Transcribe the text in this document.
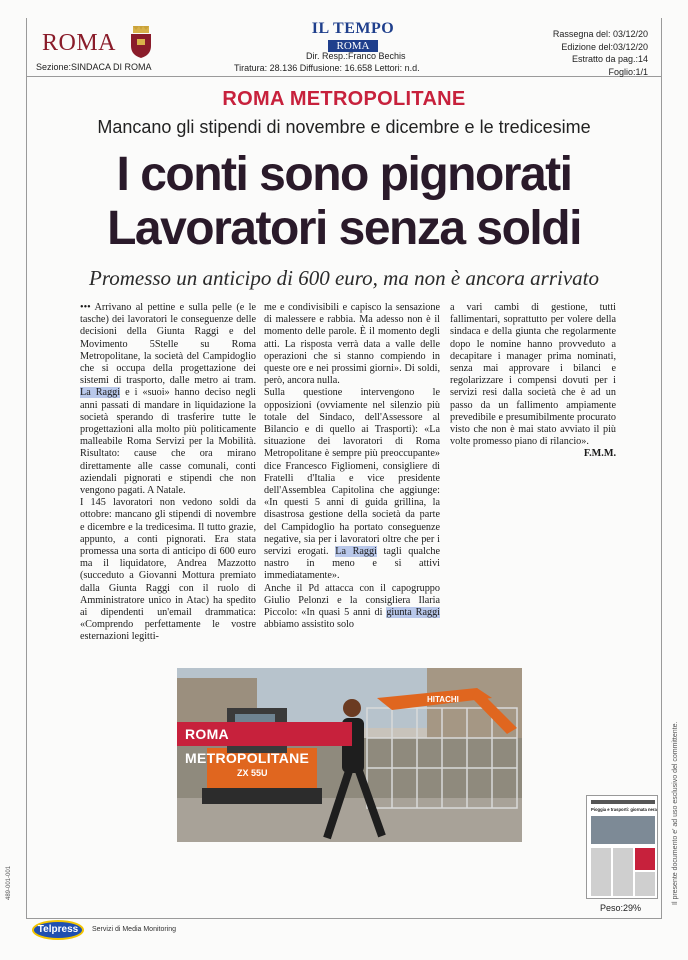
ROMA
Sezione:SINDACA DI ROMA
IL TEMPO
ROMA
Dir. Resp.:Franco Bechis
Tiratura: 28.136 Diffusione: 16.658 Lettori: n.d.
Rassegna del: 03/12/20
Edizione del:03/12/20
Estratto da pag.:14
Foglio:1/1
ROMA METROPOLITANE
Mancano gli stipendi di novembre e dicembre e le tredicesime
I conti sono pignorati
Lavoratori senza soldi
Promesso un anticipo di 600 euro, ma non è ancora arrivato

••• Arrivano al pettine e sulla pelle (e le tasche) dei lavoratori le conseguenze delle decisioni della Giunta Raggi e del Movimento 5Stelle su Roma Metropolitane, la società del Campidoglio che si occupa della progettazione dei sistemi di trasporto, dalle metro ai tram. La Raggi e i «suoi» hanno deciso negli anni passati di mandare in liquidazione la società sperando di trasferire tutte le progettazioni alla molto più politicamente malleabile Roma Servizi per la Mobilità. Risultato: cause che ora mirano direttamente alle casse comunali, conti aziendali pignorati e stipendi che non vengono pagati. A Natale.

I 145 lavoratori non vedono soldi da ottobre: mancano gli stipendi di novembre e dicembre e la tredicesima. Il tutto grazie, appunto, a conti pignorati. Era stata promessa una sorta di anticipo di 600 euro ma il liquidatore, Andrea Mazzotto (succeduto a Giovanni Mottura premiato dalla Giunta Raggi con il ruolo di Amministratore unico in Atac) ha spedito ai dipendenti un'email drammatica: «Comprendo perfettamente le vostre esternazioni legitti-

me e condivisibili e capisco la sensazione di malessere e rabbia. Ma adesso non è il momento delle parole. È il momento degli atti. La risposta verrà data a valle delle operazioni che si stanno compiendo in queste ore e nei prossimi giorni». Di soldi, però, ancora nulla.

Sulla questione intervengono le opposizioni (ovviamente nel silenzio più totale del Sindaco, dell'Assessore al Bilancio e di quello ai Trasporti): «La situazione dei lavoratori di Roma Metropolitane è sempre più preoccupante» dice Francesco Figliomeni, consigliere di Fratelli d'Italia e vice presidente dell'Assemblea Capitolina che aggiunge: «In questi 5 anni di guida grillina, la disastrosa gestione della società da parte del Campidoglio ha portato conseguenze negative, sia per i lavoratori oltre che per i servizi erogati. La Raggi tagli qualche nastro in meno e si attivi immediatamente».

Anche il Pd attacca con il capogruppo Giulio Pelonzi e la consigliera Ilaria Piccolo: «In quasi 5 anni di giunta Raggi abbiamo assistito solo

a vari cambi di gestione, tutti fallimentari, soprattutto per volere della sindaca e della giunta che regolarmente dopo le nomine hanno provveduto a decapitare i manager prima nominati, senza mai approvare i bilanci e regolarizzare i compensi dovuti per i servizi resi dalla società che è ad un passo da un fallimento ampiamente prevedibile e presumibilmente procurato visto che non è mai stato avviato il più volte promesso piano di rilancio».

F.M.M.
HITACHI
ZX 55U
ROMA METROPOLITANE
Pioggia e trasporti: giornata nera
Peso:29%
Il presente documento e' ad uso esclusivo del committente.
489-001-001
Telpress	Servizi di Media Monitoring
